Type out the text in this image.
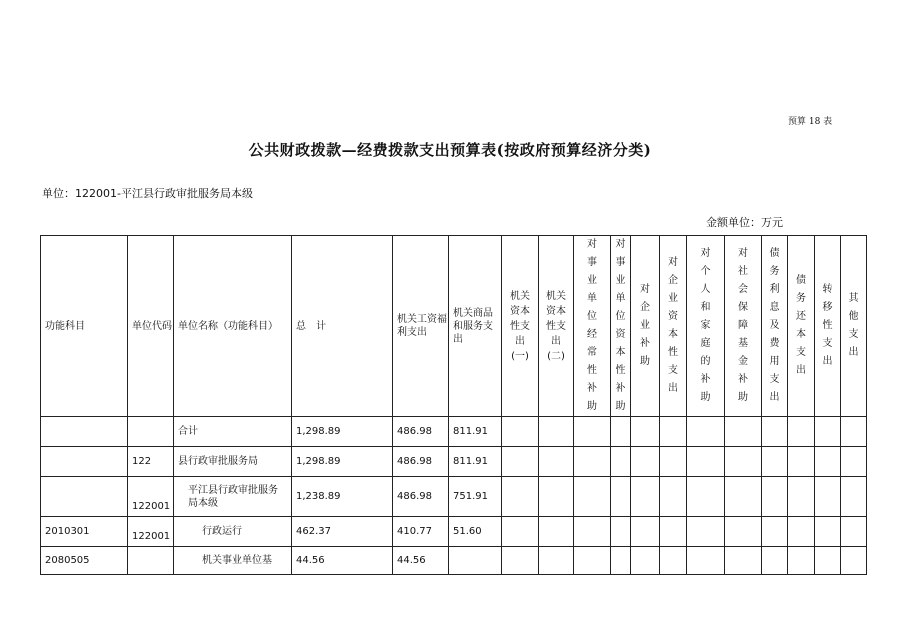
预算 18 表
公共财政拨款—经费拨款支出预算表(按政府预算经济分类)
单位：122001-平江县行政审批服务局本级
金额单位：万元
功能科目	单位代码	单位名称（功能科目）	总　计	机关工资福利支出	机关商品和服务支出	机关资本性支出(一)	机关资本性支出(二)	对事业单位经常性补助	对事业单位资本性补助	对企业补助	对企业资本性支出	对个人和家庭的补助	对社会保障基金补助	债务利息及费用支出	债务还本支出	转移性支出	其他支出

		合计	1,298.89	486.98	811.91												
	122	县行政审批服务局	1,298.89	486.98	811.91												
	122001	平江县行政审批服务局本级	1,238.89	486.98	751.91												
2010301	122001	行政运行	462.37	410.77	51.60												
2080505		机关事业单位基	44.56	44.56													
